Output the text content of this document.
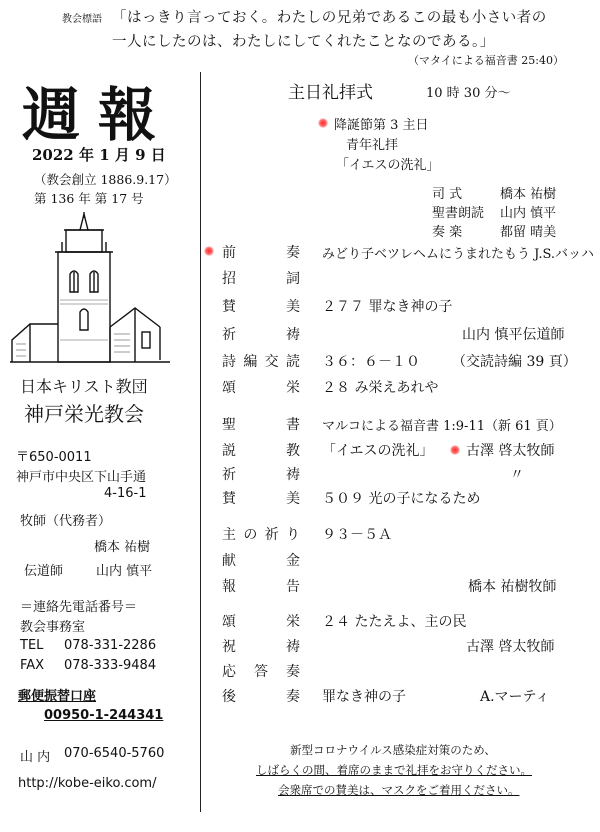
教会標語 「はっきり言っておく。わたしの兄弟であるこの最も小さい者の
一人にしたのは、わたしにしてくれたことなのである。」
（マタイによる福音書 25:40）
週報
2022 年 1 月 9 日
（教会創立 1886.9.17）
第 136 年 第 17 号
日本キリスト教団
神戸栄光教会
〒650-0011
神戸市中央区下山手通
4-16-1
牧師（代務者）
橋本 祐樹
伝道師	山内 慎平
＝連絡先電話番号＝
教会事務室
TEL 078-331-2286
FAX 078-333-9484
郵便振替口座
00950-1-244341
山 内 070-6540-5760
http://kobe-eiko.com/
主日礼拝式	10 時 30 分～
降誕節第 3 主日
青年礼拝
「イエスの洗礼」
司 式	橋本 祐樹
聖書朗読	山内 慎平
奏 楽	都留 晴美
前奏 みどり子ベツレヘムにうまれたもう J.S.バッハ
招詞
賛美 ２７７ 罪なき神の子
祈祷	山内 慎平伝道師
詩編交読 ３６：６－１０ （交読詩編 39 頁）
頌栄 ２８ み栄えあれや
聖書 マルコによる福音書 1:9-11（新 61 頁）
説教 「イエスの洗礼」 古澤 啓太牧師
祈祷	〃
賛美 ５０９ 光の子になるため
主の祈り ９３－５Ａ
献金
報告	橋本 祐樹牧師
頌栄 ２４ たたえよ、主の民
祝祷	古澤 啓太牧師
応答奏
後奏 罪なき神の子	A.マーティ
新型コロナウイルス感染症対策のため、
しばらくの間、着席のままで礼拝をお守りください。
会衆席での賛美は、マスクをご着用ください。
